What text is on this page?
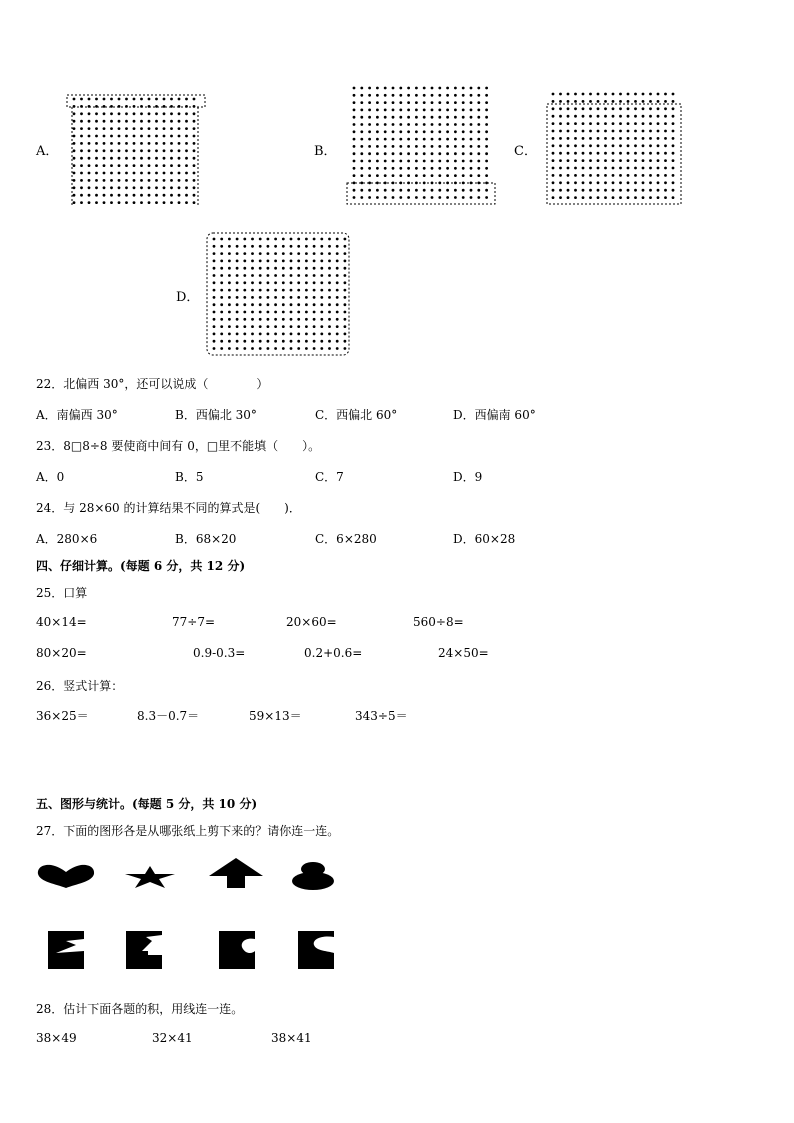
A．	B．	C．
D．
22．北偏西 30°，还可以说成（　　　　）
A．南偏西 30°	B．西偏北 30°	C．西偏北 60°	D．西偏南 60°
23．8□8÷8 要使商中间有 0，□里不能填（　　）。
A．0	B．5	C．7	D．9
24．与 28×60 的计算结果不同的算式是(　　)．
A．280×6	B．68×20	C．6×280	D．60×28
四、仔细计算。(每题 6 分，共 12 分)
25．口算
40×14=	77÷7=	20×60=	560÷8=
80×20=	0.9-0.3=	0.2+0.6=	24×50=
26．竖式计算：
36×25＝	8.3－0.7＝	59×13＝	343÷5＝
五、图形与统计。(每题 5 分，共 10 分)
27．下面的图形各是从哪张纸上剪下来的？请你连一连。
28．估计下面各题的积，用线连一连。
38×49	32×41	38×41
